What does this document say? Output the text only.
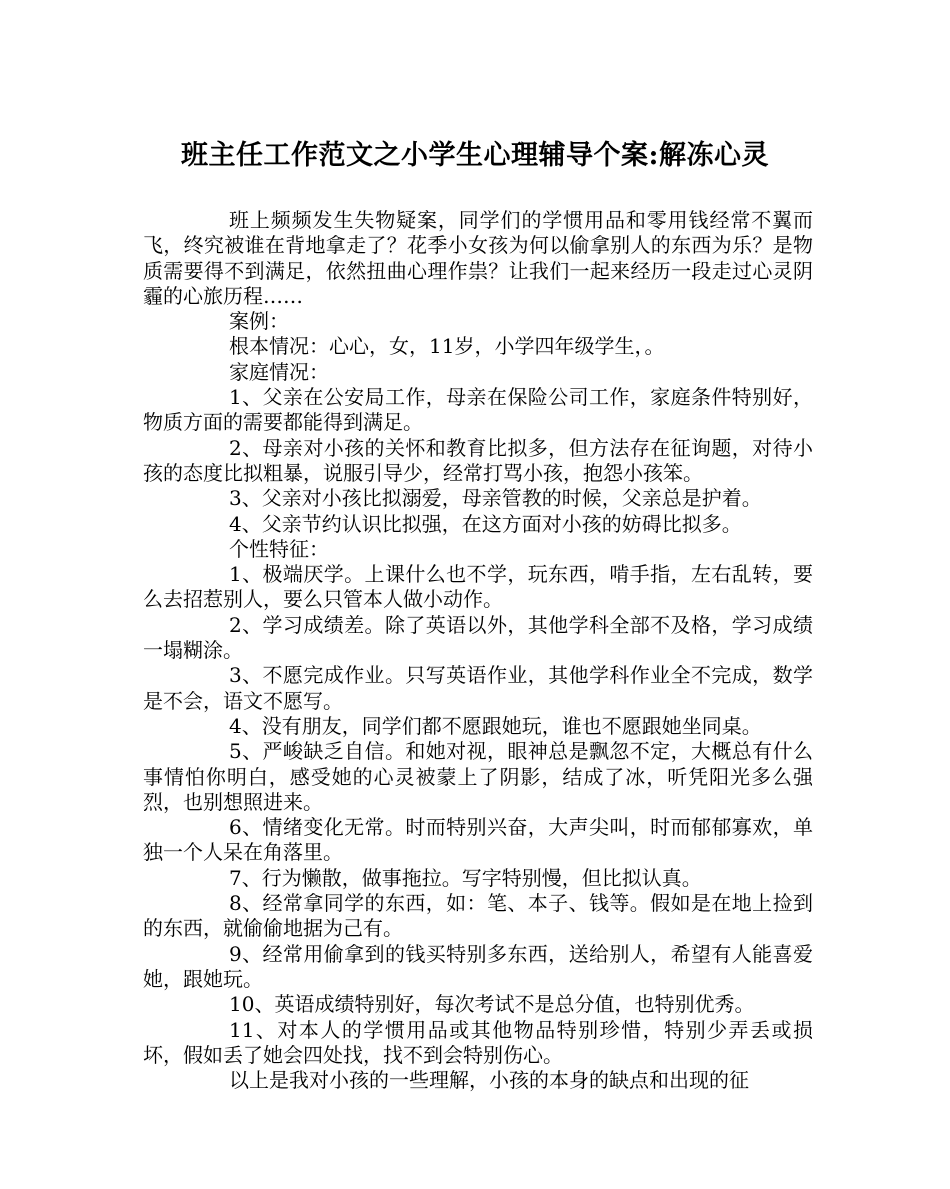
班主任工作范文之小学生心理辅导个案:解冻心灵

班上频频发生失物疑案，同学们的学惯用品和零用钱经常不翼而飞，终究被谁在背地拿走了？花季小女孩为何以偷拿别人的东西为乐？是物质需要得不到满足，依然扭曲心理作祟？让我们一起来经历一段走过心灵阴霾的心旅历程……

案例：

根本情况：心心，女，11岁，小学四年级学生，。

家庭情况：

1、父亲在公安局工作，母亲在保险公司工作，家庭条件特别好，物质方面的需要都能得到满足。

2、母亲对小孩的关怀和教育比拟多，但方法存在征询题，对待小孩的态度比拟粗暴，说服引导少，经常打骂小孩，抱怨小孩笨。

3、父亲对小孩比拟溺爱，母亲管教的时候，父亲总是护着。

4、父亲节约认识比拟强，在这方面对小孩的妨碍比拟多。

个性特征：

1、极端厌学。上课什么也不学，玩东西，啃手指，左右乱转，要么去招惹别人，要么只管本人做小动作。

2、学习成绩差。除了英语以外，其他学科全部不及格，学习成绩一塌糊涂。

3、不愿完成作业。只写英语作业，其他学科作业全不完成，数学是不会，语文不愿写。

4、没有朋友，同学们都不愿跟她玩，谁也不愿跟她坐同桌。

5、严峻缺乏自信。和她对视，眼神总是飘忽不定，大概总有什么事情怕你明白，感受她的心灵被蒙上了阴影，结成了冰，听凭阳光多么强烈，也别想照进来。

6、情绪变化无常。时而特别兴奋，大声尖叫，时而郁郁寡欢，单独一个人呆在角落里。

7、行为懒散，做事拖拉。写字特别慢，但比拟认真。

8、经常拿同学的东西，如：笔、本子、钱等。假如是在地上捡到的东西，就偷偷地据为己有。

9、经常用偷拿到的钱买特别多东西，送给别人，希望有人能喜爱她，跟她玩。

10、英语成绩特别好，每次考试不是总分值，也特别优秀。

11、对本人的学惯用品或其他物品特别珍惜，特别少弄丢或损坏，假如丢了她会四处找，找不到会特别伤心。

以上是我对小孩的一些理解，小孩的本身的缺点和出现的征
